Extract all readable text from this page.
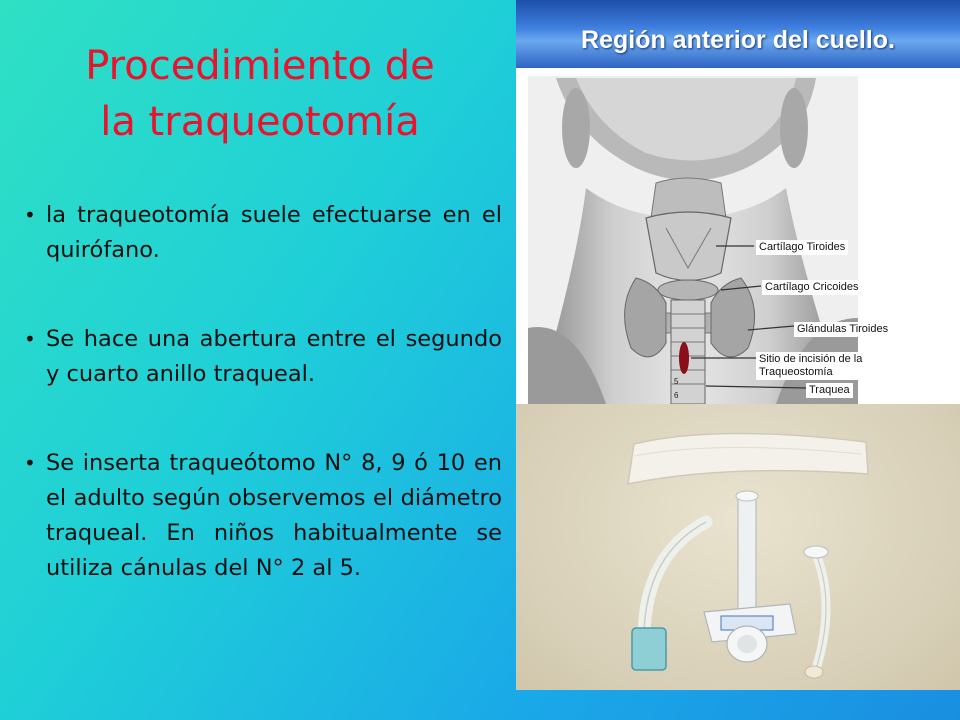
Procedimiento de
la traqueotomía
• la traqueotomía suele efectuarse en el quirófano.
• Se hace una abertura entre el segundo y cuarto anillo traqueal.
• Se inserta traqueótomo N° 8, 9 ó 10 en el adulto según observemos el diámetro traqueal. En niños habitualmente se utiliza cánulas del N° 2 al 5.
Región anterior del cuello.
5
6
Cartílago Tiroides
Cartílago Cricoides
Glándulas Tiroides
Sitio de incisión de la
Traqueostomía
Traquea
